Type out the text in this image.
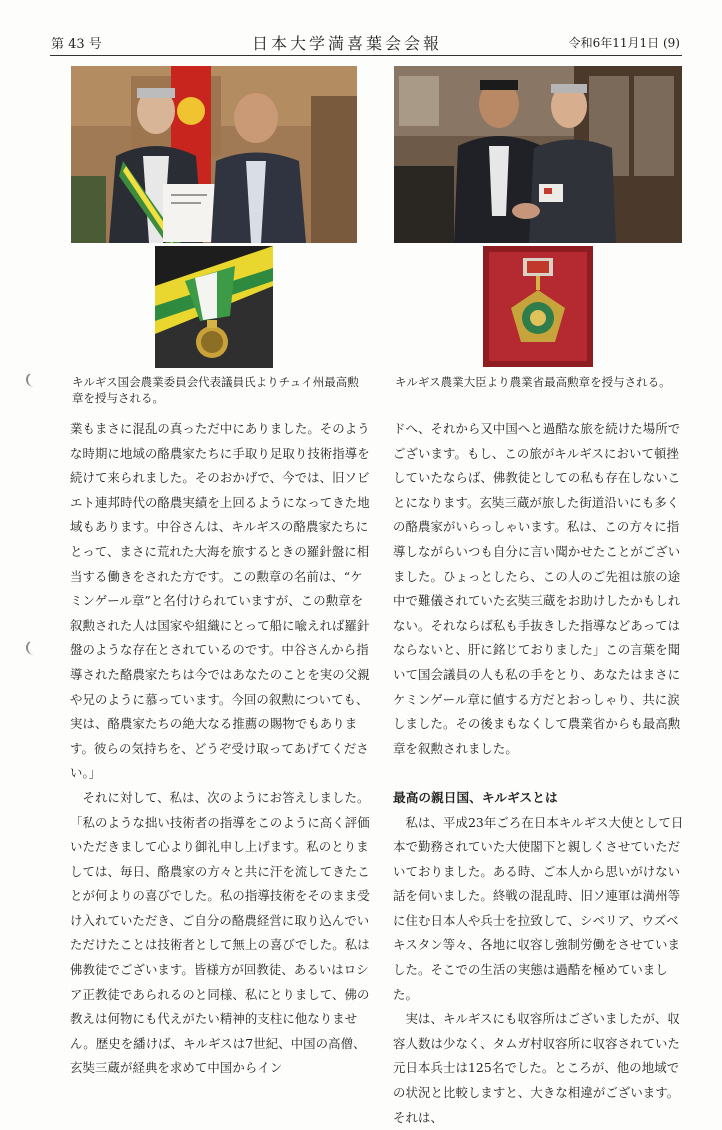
第 43 号	日本大学満喜葉会会報	令和6年11月1日 (9)
キルギス国会農業委員会代表議員氏よりチュイ州最高勲章を授与される。
キルギス農業大臣より農業省最高勲章を授与される。

業もまさに混乱の真っただ中にありました。そのような時期に地域の酪農家たちに手取り足取り技術指導を続けて来られました。そのおかげで、今では、旧ソビエト連邦時代の酪農実績を上回るようになってきた地域もあります。中谷さんは、キルギスの酪農家たちにとって、まさに荒れた大海を旅するときの羅針盤に相当する働きをされた方です。この勲章の名前は、“ケミンゲール章”と名付けられていますが、この勲章を叙勲された人は国家や組織にとって船に喩えれば羅針盤のような存在とされているのです。中谷さんから指導された酪農家たちは今ではあなたのことを実の父親や兄のように慕っています。今回の叙勲についても、実は、酪農家たちの絶大なる推薦の賜物でもあります。彼らの気持ちを、どうぞ受け取ってあげてください。」
　それに対して、私は、次のようにお答えしました。「私のような拙い技術者の指導をこのように高く評価いただきまして心より御礼申し上げます。私のとりましては、毎日、酪農家の方々と共に汗を流してきたことが何よりの喜びでした。私の指導技術をそのまま受け入れていただき、ご自分の酪農経営に取り込んでいただけたことは技術者として無上の喜びでした。私は佛教徒でございます。皆様方が回教徒、あるいはロシア正教徒であられるのと同様、私にとりまして、佛の教えは何物にも代えがたい精神的支柱に他なりません。歴史を繙けば、キルギスは7世紀、中国の高僧、玄奘三蔵が経典を求めて中国からイン

ドへ、それから又中国へと過酷な旅を続けた場所でございます。もし、この旅がキルギスにおいて頓挫していたならば、佛教徒としての私も存在しないことになります。玄奘三蔵が旅した街道沿いにも多くの酪農家がいらっしゃいます。私は、この方々に指導しながらいつも自分に言い聞かせたことがございました。ひょっとしたら、この人のご先祖は旅の途中で難儀されていた玄奘三蔵をお助けしたかもしれない。それならば私も手抜きした指導などあってはならないと、肝に銘じておりました」この言葉を聞いて国会議員の人も私の手をとり、あなたはまさにケミンゲール章に値する方だとおっしゃり、共に涙しました。その後まもなくして農業省からも最高勲章を叙勲されました。

最高の親日国、キルギスとは

　私は、平成23年ごろ在日本キルギス大使として日本で勤務されていた大使閣下と親しくさせていただいておりました。ある時、ご本人から思いがけない話を伺いました。終戦の混乱時、旧ソ連軍は満州等に住む日本人や兵士を拉致して、シベリア、ウズベキスタン等々、各地に収容し強制労働をさせていました。そこでの生活の実態は過酷を極めていました。
　実は、キルギスにも収容所はございましたが、収容人数は少なく、タムガ村収容所に収容されていた元日本兵士は125名でした。ところが、他の地域での状況と比較しますと、大きな相違がございます。それは、
